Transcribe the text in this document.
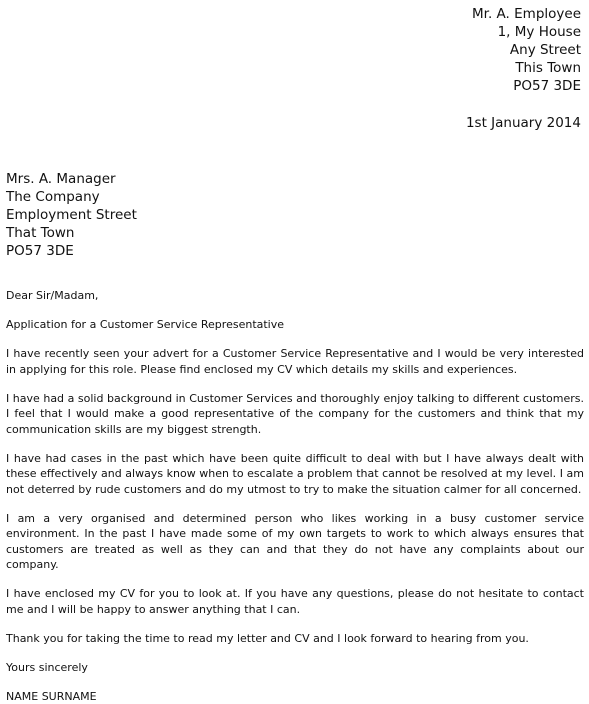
Mr. A. Employee
1, My House
Any Street
This Town
PO57 3DE
1st January 2014
Mrs. A. Manager
The Company
Employment Street
That Town
PO57 3DE

Dear Sir/Madam,

Application for a Customer Service Representative

I have recently seen your advert for a Customer Service Representative and I would be very interested in applying for this role. Please find enclosed my CV which details my skills and experiences.

I have had a solid background in Customer Services and thoroughly enjoy talking to different customers. I feel that I would make a good representative of the company for the customers and think that my communication skills are my biggest strength.

I have had cases in the past which have been quite difficult to deal with but I have always dealt with these effectively and always know when to escalate a problem that cannot be resolved at my level. I am not deterred by rude customers and do my utmost to try to make the situation calmer for all concerned.

I am a very organised and determined person who likes working in a busy customer service environment. In the past I have made some of my own targets to work to which always ensures that customers are treated as well as they can and that they do not have any complaints about our company.

I have enclosed my CV for you to look at. If you have any questions, please do not hesitate to contact me and I will be happy to answer anything that I can.

Thank you for taking the time to read my letter and CV and I look forward to hearing from you.

Yours sincerely

NAME SURNAME
